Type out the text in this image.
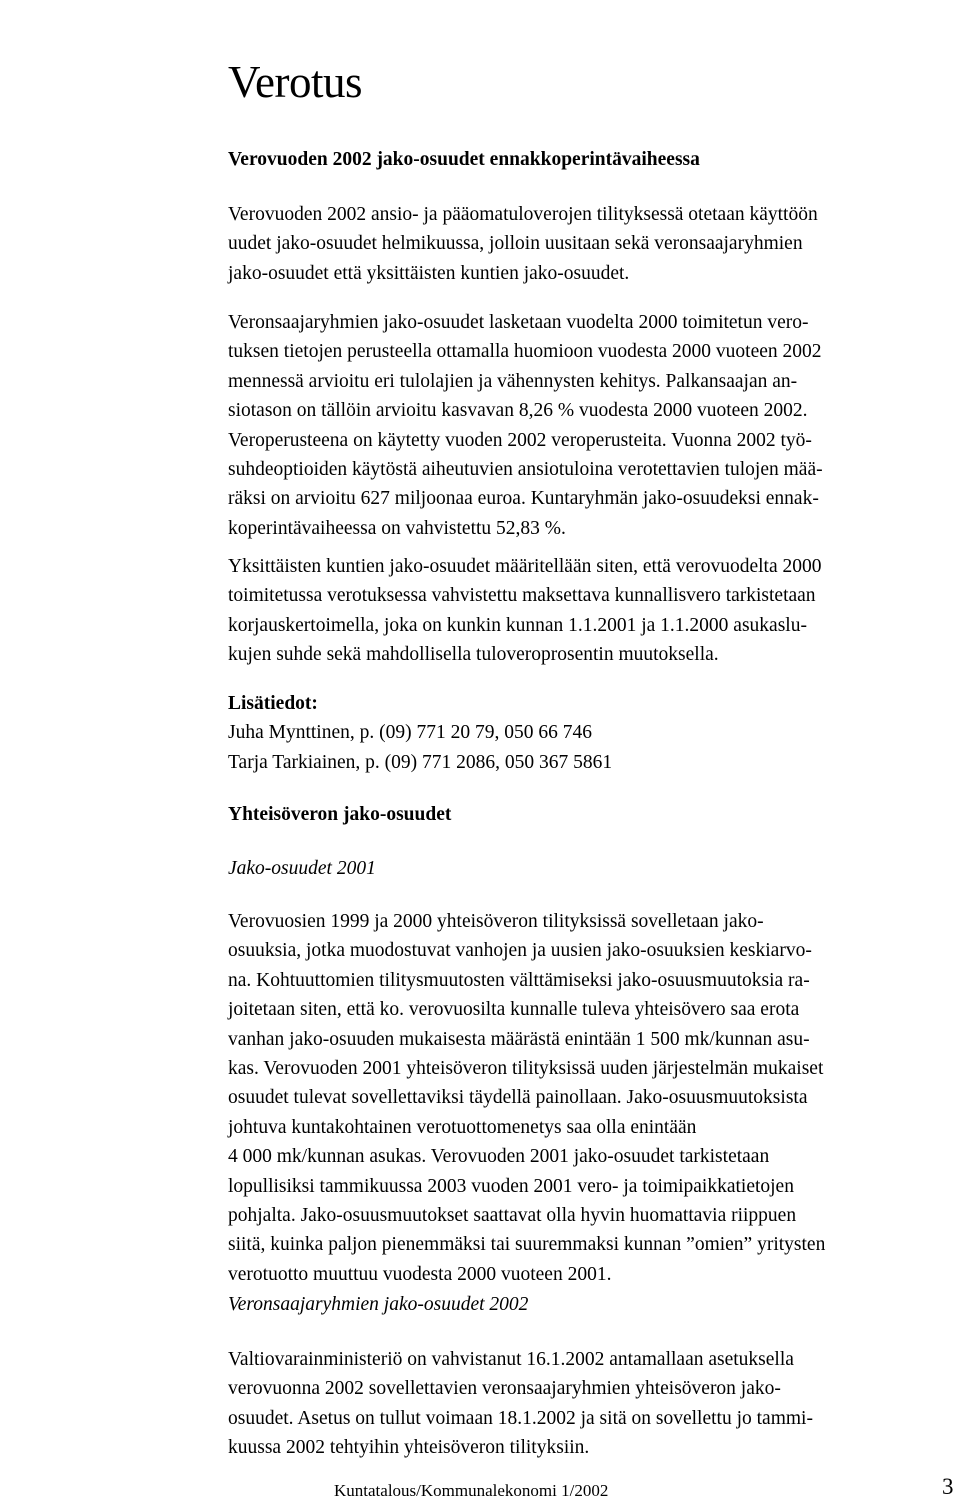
Verotus
Verovuoden 2002 jako-osuudet ennakkoperintävaiheessa
Verovuoden 2002 ansio- ja pääomatuloverojen tilityksessä otetaan käyttöön
uudet jako-osuudet helmikuussa, jolloin uusitaan sekä veronsaajaryhmien
jako-osuudet että yksittäisten kuntien jako-osuudet.
Veronsaajaryhmien jako-osuudet lasketaan vuodelta 2000 toimitetun vero-
tuksen tietojen perusteella ottamalla huomioon vuodesta 2000 vuoteen 2002
mennessä arvioitu eri tulolajien ja vähennysten kehitys. Palkansaajan an-
siotason on tällöin arvioitu kasvavan 8,26 % vuodesta 2000 vuoteen 2002.
Veroperusteena on käytetty vuoden 2002 veroperusteita. Vuonna 2002 työ-
suhdeoptioiden käytöstä aiheutuvien ansiotuloina verotettavien tulojen mää-
räksi on arvioitu 627 miljoonaa euroa. Kuntaryhmän jako-osuudeksi ennak-
koperintävaiheessa on vahvistettu 52,83 %.
Yksittäisten kuntien jako-osuudet määritellään siten, että verovuodelta 2000
toimitetussa verotuksessa vahvistettu maksettava kunnallisvero tarkistetaan
korjauskertoimella, joka on kunkin kunnan 1.1.2001 ja 1.1.2000 asukaslu-
kujen suhde sekä mahdollisella tuloveroprosentin muutoksella.
Lisätiedot:
Juha Mynttinen, p. (09) 771 20 79, 050 66 746
Tarja Tarkiainen, p. (09) 771 2086, 050 367 5861
Yhteisöveron jako-osuudet
Jako-osuudet 2001
Verovuosien 1999 ja 2000 yhteisöveron tilityksissä sovelletaan jako-
osuuksia, jotka muodostuvat vanhojen ja uusien jako-osuuksien keskiarvo-
na. Kohtuuttomien tilitysmuutosten välttämiseksi jako-osuusmuutoksia ra-
joitetaan siten, että ko. verovuosilta kunnalle tuleva yhteisövero saa erota
vanhan jako-osuuden mukaisesta määrästä enintään 1 500 mk/kunnan asu-
kas. Verovuoden 2001 yhteisöveron tilityksissä uuden järjestelmän mukaiset
osuudet tulevat sovellettaviksi täydellä painollaan. Jako-osuusmuutoksista
johtuva kuntakohtainen verotuottomenetys saa olla enintään
4 000 mk/kunnan asukas. Verovuoden 2001 jako-osuudet tarkistetaan
lopullisiksi tammikuussa 2003 vuoden 2001 vero- ja toimipaikkatietojen
pohjalta. Jako-osuusmuutokset saattavat olla hyvin huomattavia riippuen
siitä, kuinka paljon pienemmäksi tai suuremmaksi kunnan ”omien” yritysten
verotuotto muuttuu vuodesta 2000 vuoteen 2001.
Veronsaajaryhmien jako-osuudet 2002
Valtiovarainministeriö on vahvistanut 16.1.2002 antamallaan asetuksella
verovuonna 2002 sovellettavien veronsaajaryhmien yhteisöveron jako-
osuudet. Asetus on tullut voimaan 18.1.2002 ja sitä on sovellettu jo tammi-
kuussa 2002 tehtyihin yhteisöveron tilityksiin.
Kuntatalous/Kommunalekonomi 1/2002	3
